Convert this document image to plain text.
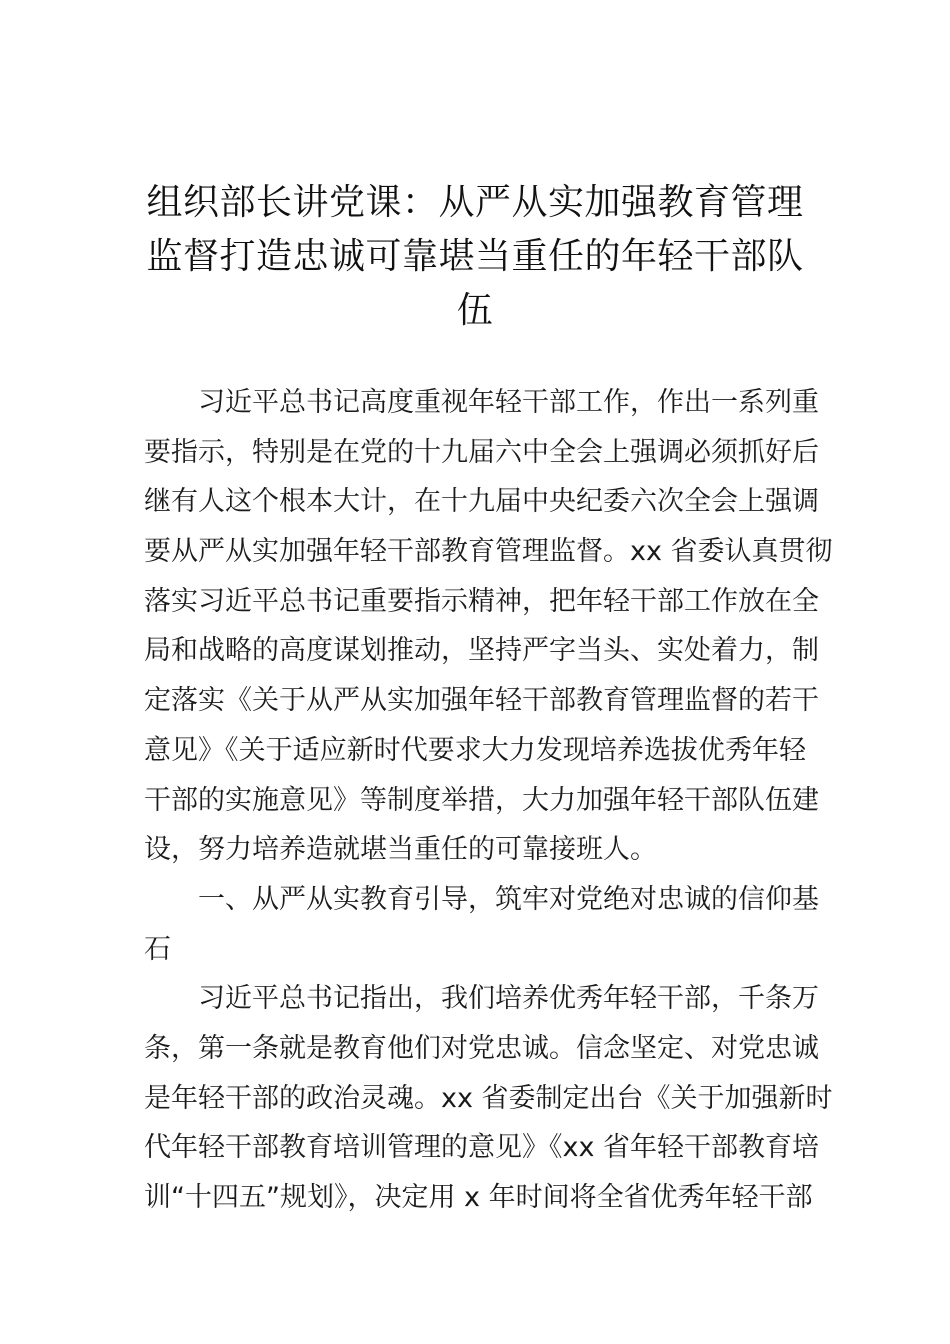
组织部长讲党课：从严从实加强教育管理
监督打造忠诚可靠堪当重任的年轻干部队
伍
习近平总书记高度重视年轻干部工作，作出一系列重
要指示，特别是在党的十九届六中全会上强调必须抓好后
继有人这个根本大计，在十九届中央纪委六次全会上强调
要从严从实加强年轻干部教育管理监督。xx 省委认真贯彻
落实习近平总书记重要指示精神，把年轻干部工作放在全
局和战略的高度谋划推动，坚持严字当头、实处着力，制
定落实《关于从严从实加强年轻干部教育管理监督的若干
意见》《关于适应新时代要求大力发现培养选拔优秀年轻
干部的实施意见》等制度举措，大力加强年轻干部队伍建
设，努力培养造就堪当重任的可靠接班人。
一、从严从实教育引导，筑牢对党绝对忠诚的信仰基
石
习近平总书记指出，我们培养优秀年轻干部，千条万
条，第一条就是教育他们对党忠诚。信念坚定、对党忠诚
是年轻干部的政治灵魂。xx 省委制定出台《关于加强新时
代年轻干部教育培训管理的意见》《xx 省年轻干部教育培
训“十四五”规划》，决定用 x 年时间将全省优秀年轻干部
